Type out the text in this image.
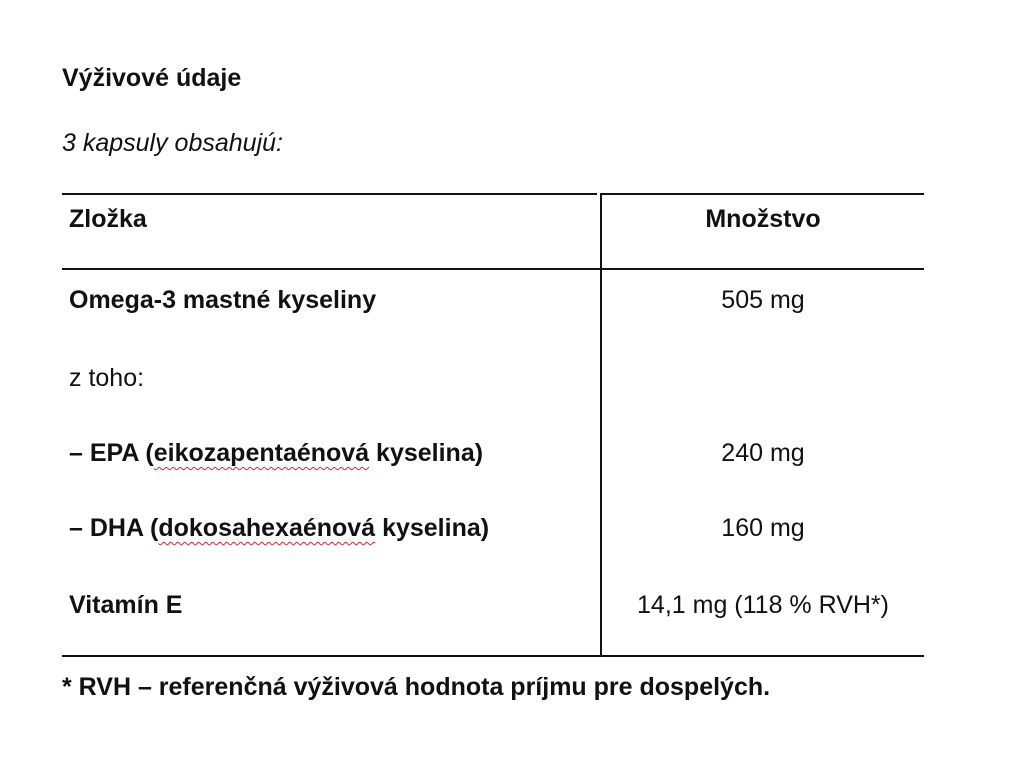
Výživové údaje
3 kapsuly obsahujú:
Zložka	Množstvo
Omega-3 mastné kyseliny	505 mg
z toho:
– EPA (eikozapentaénová kyselina)	240 mg
– DHA (dokosahexaénová kyselina)	160 mg
Vitamín E	14,1 mg (118 % RVH*)
* RVH – referenčná výživová hodnota príjmu pre dospelých.
